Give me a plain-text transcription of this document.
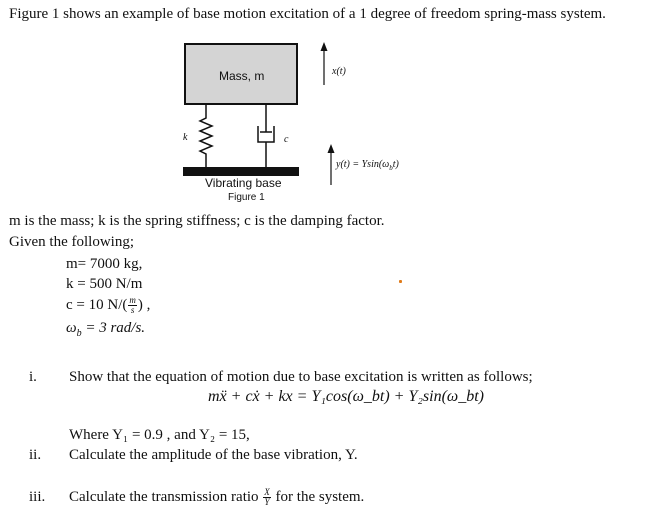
Figure 1 shows an example of base motion excitation of a 1 degree of freedom spring-mass system.
Mass, m
k	c
x(t)
$y(t) = Ysin(\omega_bt)$
Vibrating base
Figure 1
m is the mass; k is the spring stiffness; c is the damping factor.
Given the following;
m= 7000 kg,
k = 500 N/m
c = 10 $N/( \frac{m}{s}$ ) ,
$\omega_b = 3$ rad/s.
i. Show that the equation of motion due to base excitation is written as follows;
mẍ + cẋ + kx = Y₁cos(ω_bt) + Y₂sin(ω_bt)
Where Y₁ = 0.9 , and Y₂ = 15,
ii. Calculate the amplitude of the base vibration, Y.
iii. Calculate the transmission ratio $\frac{X}{Y}$ for the system.
